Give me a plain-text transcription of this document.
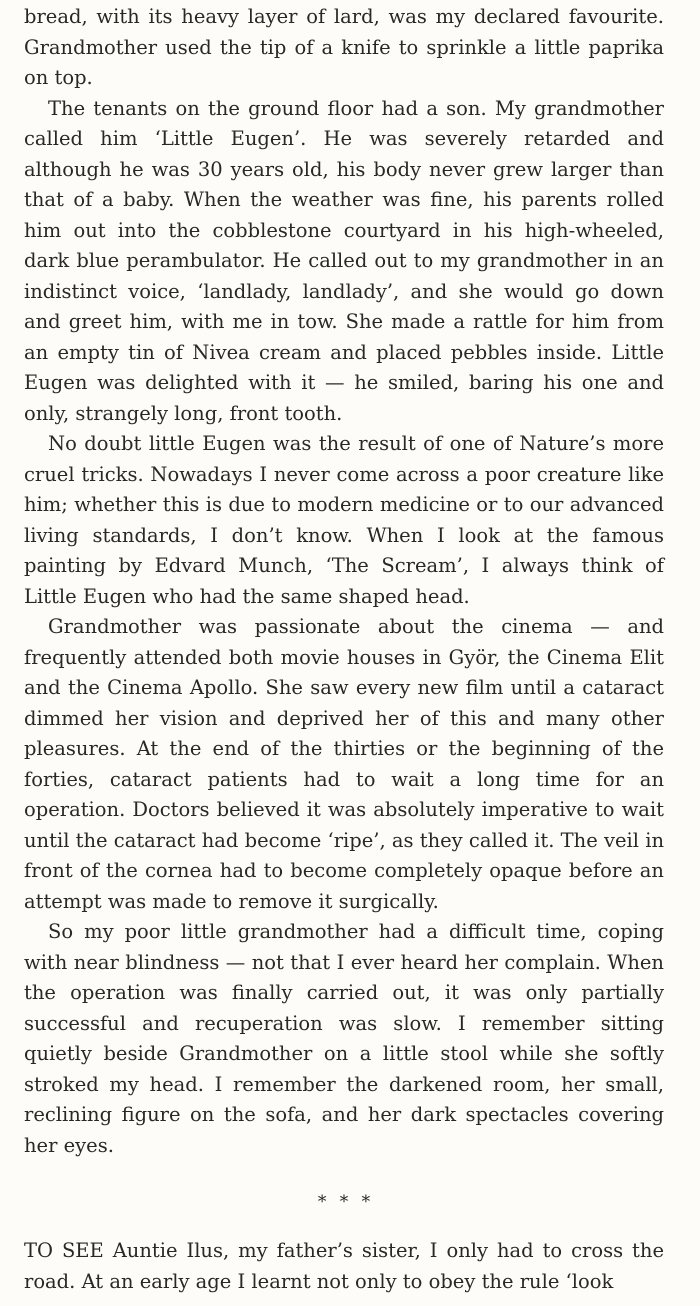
bread, with its heavy layer of lard, was my declared favourite. Grandmother used the tip of a knife to sprinkle a little paprika on top.

The tenants on the ground floor had a son. My grandmother called him ‘Little Eugen’. He was severely retarded and although he was 30 years old, his body never grew larger than that of a baby. When the weather was fine, his parents rolled him out into the cobblestone courtyard in his high-wheeled, dark blue perambulator. He called out to my grandmother in an indistinct voice, ‘landlady, landlady’, and she would go down and greet him, with me in tow. She made a rattle for him from an empty tin of Nivea cream and placed pebbles inside. Little Eugen was delighted with it — he smiled, baring his one and only, strangely long, front tooth.

No doubt little Eugen was the result of one of Nature’s more cruel tricks. Nowadays I never come across a poor creature like him; whether this is due to modern medicine or to our advanced living standards, I don’t know. When I look at the famous painting by Edvard Munch, ‘The Scream’, I always think of Little Eugen who had the same shaped head.

Grandmother was passionate about the cinema — and frequently attended both movie houses in Györ, the Cinema Elit and the Cinema Apollo. She saw every new film until a cataract dimmed her vision and deprived her of this and many other pleasures. At the end of the thirties or the beginning of the forties, cataract patients had to wait a long time for an operation. Doctors believed it was absolutely imperative to wait until the cataract had become ‘ripe’, as they called it. The veil in front of the cornea had to become completely opaque before an attempt was made to remove it surgically.

So my poor little grandmother had a difficult time, coping with near blindness — not that I ever heard her complain. When the operation was finally carried out, it was only partially successful and recuperation was slow. I remember sitting quietly beside Grandmother on a little stool while she softly stroked my head. I remember the darkened room, her small, reclining figure on the sofa, and her dark spectacles covering her eyes.

* * *

TO SEE Auntie Ilus, my father’s sister, I only had to cross the road. At an early age I learnt not only to obey the rule ‘look
